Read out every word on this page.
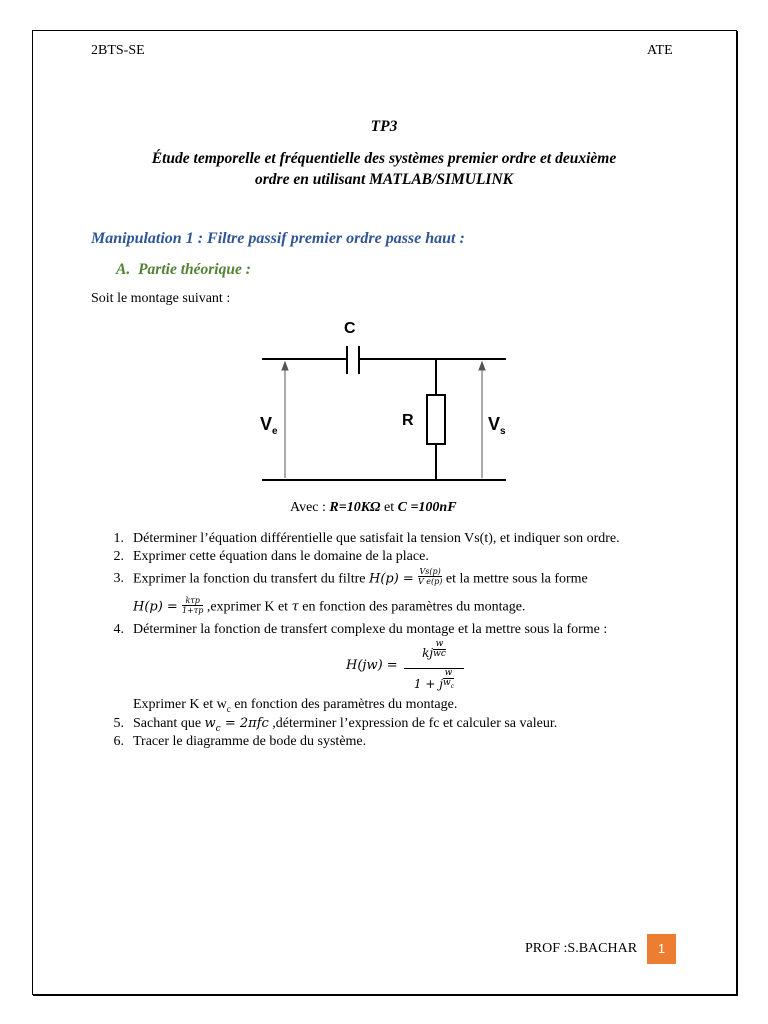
2BTS-SE	ATE
TP3
Étude temporelle et fréquentielle des systèmes premier ordre et deuxième
ordre en utilisant MATLAB/SIMULINK
Manipulation 1 : Filtre passif premier ordre passe haut :
A. Partie théorique :
Soit le montage suivant :
C
R
$V_e$	$V_s$
Avec : R=10KΩ et C =100nF
1. Déterminer l’équation différentielle que satisfait la tension Vs(t), et indiquer son ordre.
2. Exprimer cette équation dans le domaine de la place.
3. Exprimer la fonction du transfert du filtre $H(p) = \frac{Vs(p)}{\text{V e(p)}}$ et la mettre sous la forme
$H(p) = \frac{\text{kτp}}{1+\tau p}$ ,exprimer K et τ en fonction des paramètres du montage.
4. Déterminer la fonction de transfert complexe du montage et la mettre sous la forme :
H(jw) =
$_{kj} \frac{w}{wc}$
$_{1 + j} \frac{w}{w_c}$
Exprimer K et $w_c$ en fonction des paramètres du montage.
5. Sachant que $w_c = 2\pi fc$ ,déterminer l’expression de fc et calculer sa valeur.
6. Tracer le diagramme de bode du système.
PROF :S.BACHAR	1
